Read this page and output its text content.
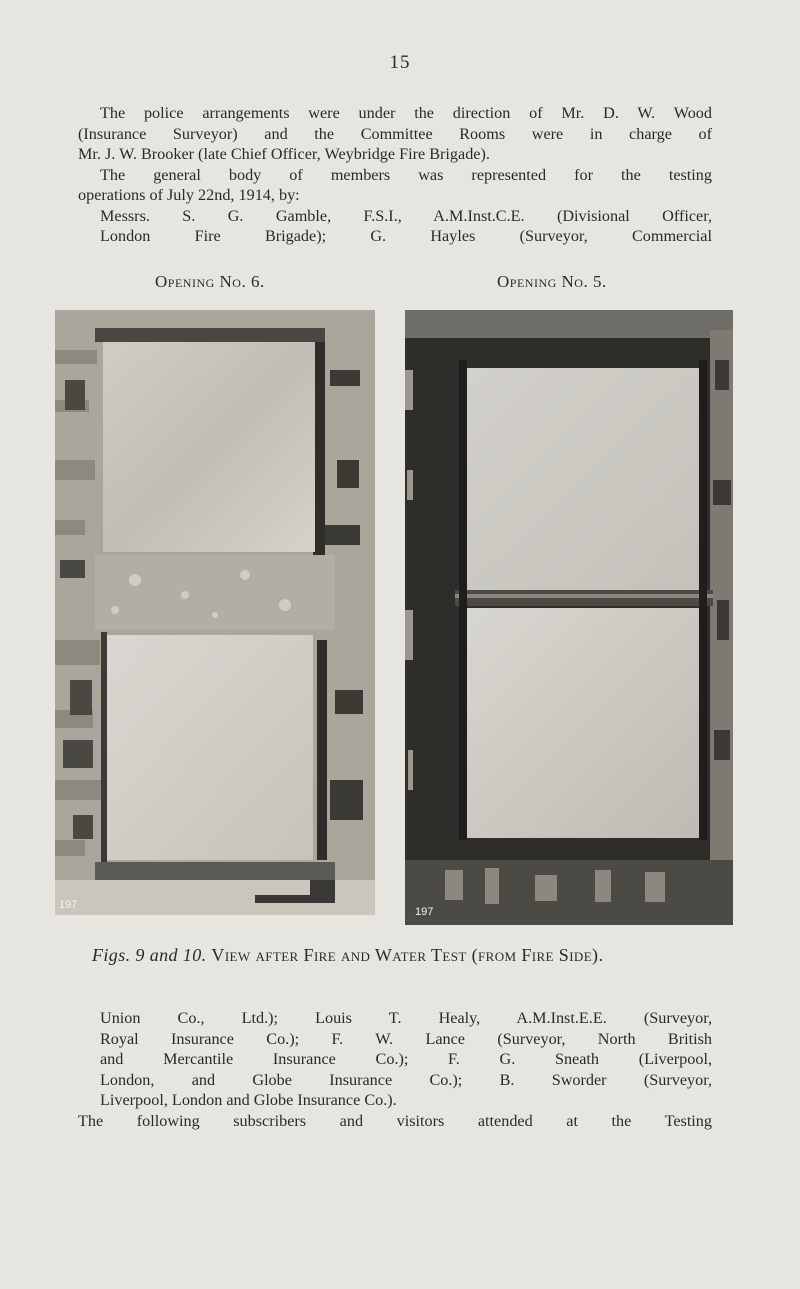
15

The police arrangements were under the direction of Mr. D. W. Wood

(Insurance Surveyor) and the Committee Rooms were in charge of

Mr. J. W. Brooker (late Chief Officer, Weybridge Fire Brigade).

The general body of members was represented for the testing

operations of July 22nd, 1914, by:

Messrs. S. G. Gamble, F.S.I., A.M.Inst.C.E. (Divisional Officer,

London Fire Brigade); G. Hayles (Surveyor, Commercial

Opening No. 6.	Opening No. 5.
197
197
Figs. 9 and 10. View after Fire and Water Test (from Fire Side).

Union Co., Ltd.); Louis T. Healy, A.M.Inst.E.E. (Surveyor,

Royal Insurance Co.); F. W. Lance (Surveyor, North British

and Mercantile Insurance Co.); F. G. Sneath (Liverpool,

London, and Globe Insurance Co.); B. Sworder (Surveyor,

Liverpool, London and Globe Insurance Co.).

The following subscribers and visitors attended at the Testing
